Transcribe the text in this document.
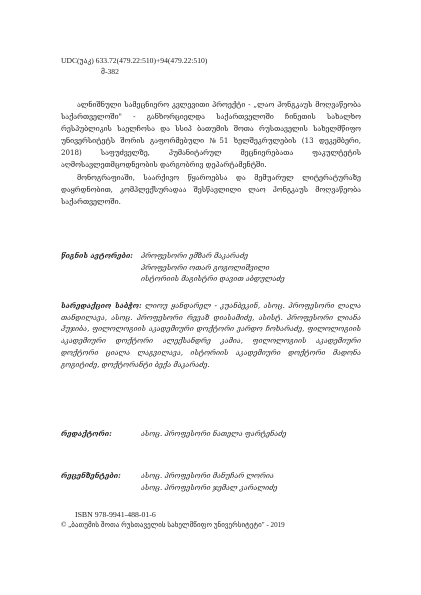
UDC(უაკ) 633.72(479.22:510)+94(479.22:510)
მ-382

ალნიშნული სამეცნიერო კვლევითი პროექტი - „ლაო ჰონგკაუს მოღვაწეობა საქართველოში" - განხორციელდა საქართველოში ჩინეთის სახალხო რესპუბლიკის საელჩოსა და სსიპ ბათუმის შოთა რუსთაველის სახელმწიფო უნივერსიტეტს შორის გაფორმებული №51 ხელშეკრულების (13 დეკემბერი, 2018) საფუძველზე, ჰუმანიტარულ მეცნიერებათა ფაკულტეტის აღმოსავლეთმცოდნეობის დარგობრივ დეპარტამენტში.

მონოგრაფიაში, საარქივო წყაროებსა და მემუარულ ლიტერატურაზე დაყრდნობით, კომპლექსურადაა შესწავლილი ლაო ჰონგკაუს მოღვაწეობა საქართველოში.

წიგნის ავტორები: პროფესორი ემზარ მაკარაძე
პროფესორი ოთარ გოგოლიშვილი
ისტორიის მაგისტრი დავით აბდულაძე
სარედაქციო საბჭო: ლიოუ ყანდარელ - კუანბეკინ, ასოც. პროფესორი ლალა თანდილავა, ასოც. პროფესორი რევაზ დიასამიძე, ასისტ. პროფესორი ლიანა ჰუჯიბა, ფილოლოგიის აკადემიური დოქტორი ვარდო ჩოხარაძე, ფილოლოგიის აკადემიური დოქტორი ალექსანდრე კამია, ფილოლოგიის აკადემიური დოქტორი ციალა ლაგვილავა, ისტორიის აკადემიური დოქტორი მადონა გოგიტიძე, დოქტორანტი ბექა მაკარაძე.
რედაქტორი:	ასოც. პროფესორი ნათელა ფარტენაძე
რეცენზენტები:	ასოც. პროფესორი მანუჩარ ლორია
ასოც. პროფესორი ჯემალ კარალიძე
ISBN 978-9941-488-01-6
© „ბათუმის შოთა რუსთაველის სახელმწიფო უნივერსიტეტი" - 2019
